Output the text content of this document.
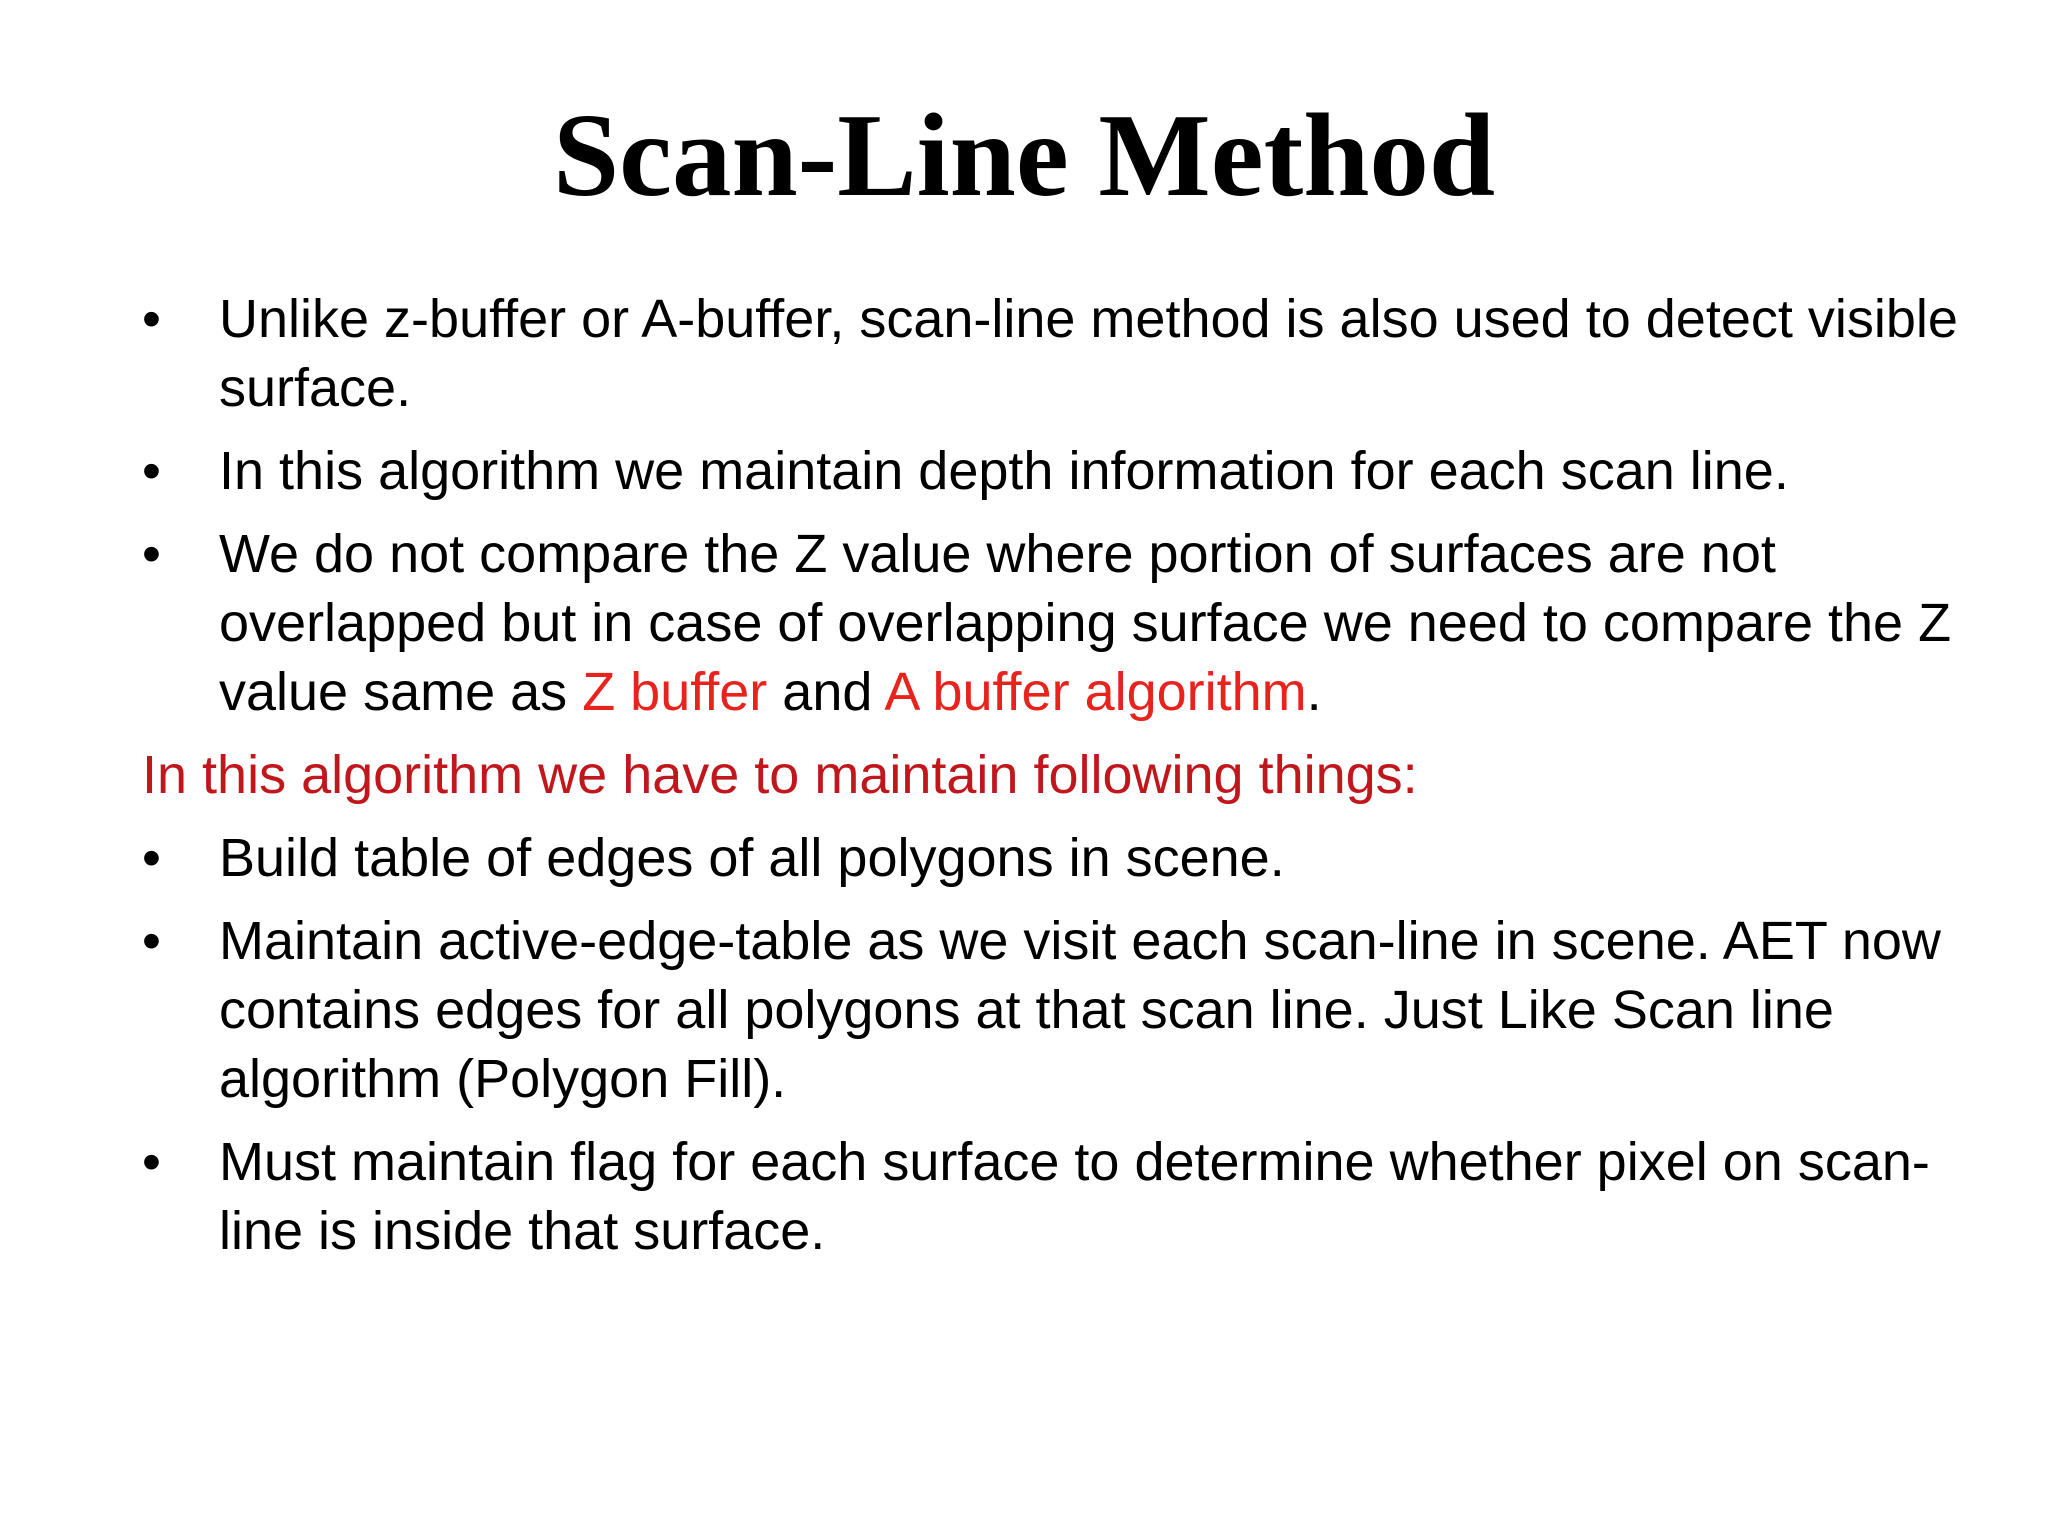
Scan-Line Method
• Unlike z-buffer or A-buffer, scan-line method is also used to detect visible surface.
• In this algorithm we maintain depth information for each scan line.
• We do not compare the Z value where portion of surfaces are not overlapped but in case of overlapping surface we need to compare the Z value same as Z buffer and A buffer algorithm.
In this algorithm we have to maintain following things:
• Build table of edges of all polygons in scene.
• Maintain active-edge-table as we visit each scan-line in scene. AET now contains edges for all polygons at that scan line. Just Like Scan line algorithm (Polygon Fill).
• Must maintain flag for each surface to determine whether pixel on scan-line is inside that surface.
